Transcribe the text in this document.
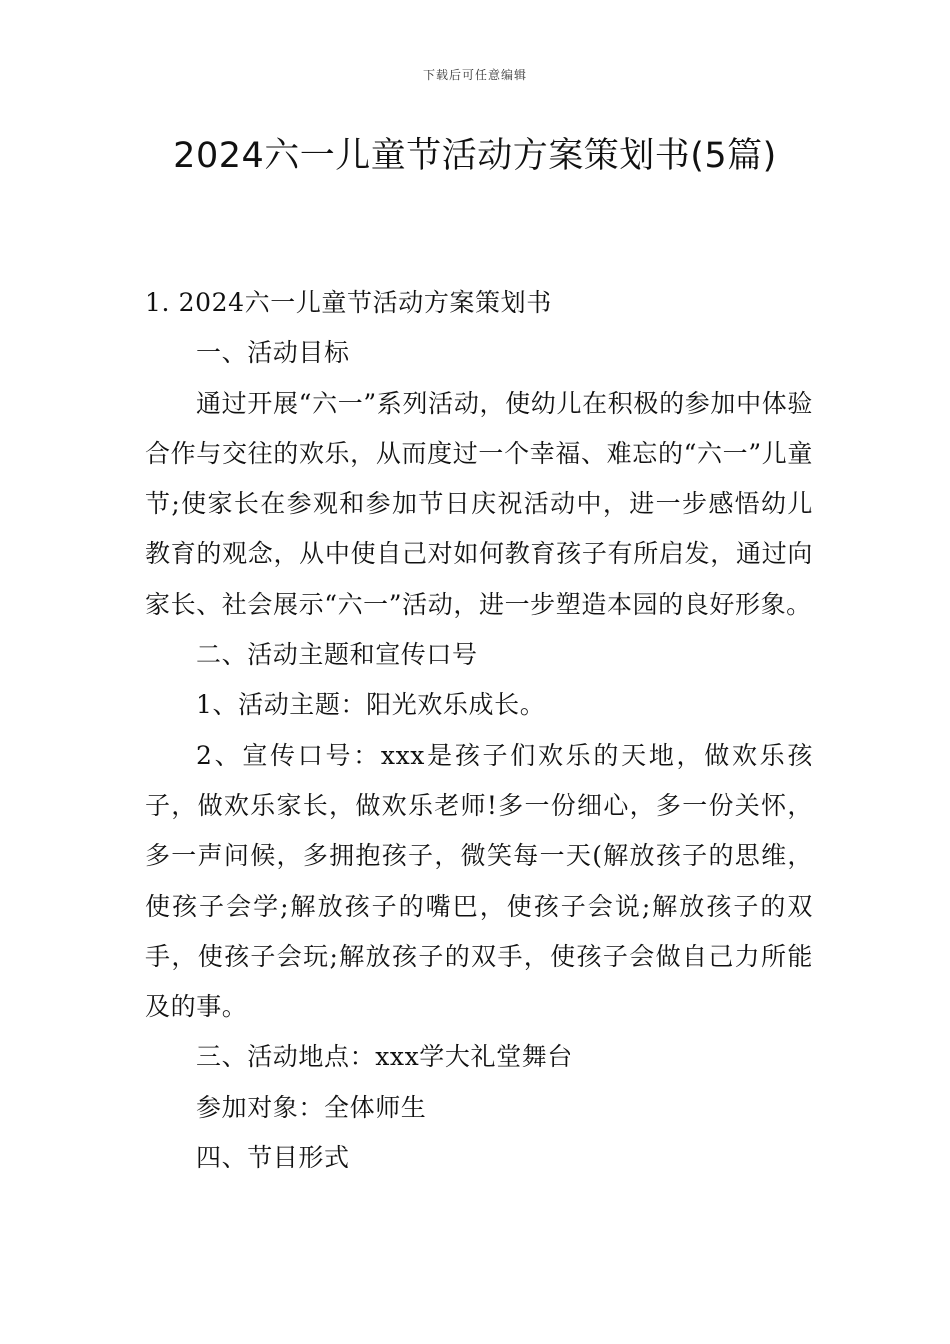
下载后可任意编辑
2024六一儿童节活动方案策划书(5篇)

1. 2024六一儿童节活动方案策划书

一、活动目标

通过开展“六一”系列活动，使幼儿在积极的参加中体验合作与交往的欢乐，从而度过一个幸福、难忘的“六一”儿童节;使家长在参观和参加节日庆祝活动中，进一步感悟幼儿教育的观念，从中使自己对如何教育孩子有所启发，通过向家长、社会展示“六一”活动，进一步塑造本园的良好形象。

二、活动主题和宣传口号

1、活动主题：阳光欢乐成长。

2、宣传口号：xxx是孩子们欢乐的天地，做欢乐孩子，做欢乐家长，做欢乐老师!多一份细心，多一份关怀，多一声问候，多拥抱孩子，微笑每一天(解放孩子的思维，使孩子会学;解放孩子的嘴巴，使孩子会说;解放孩子的双手，使孩子会玩;解放孩子的双手，使孩子会做自己力所能及的事。

三、活动地点：xxx学大礼堂舞台

参加对象：全体师生

四、节目形式
